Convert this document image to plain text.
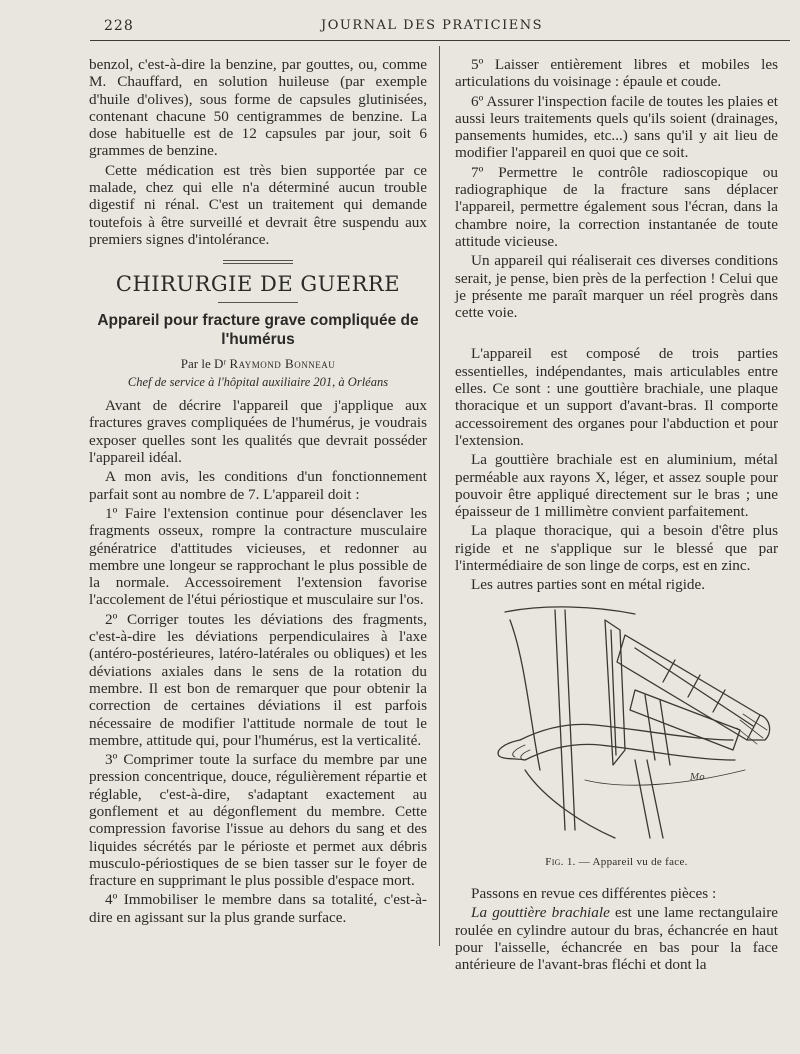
228	JOURNAL DES PRATICIENS

benzol, c'est-à-dire la benzine, par gouttes, ou, comme M. Chauffard, en solution huileuse (par exemple d'huile d'olives), sous forme de capsules glutinisées, contenant chacune 50 centigrammes de benzine. La dose habituelle est de 12 capsules par jour, soit 6 grammes de benzine.

Cette médication est très bien supportée par ce malade, chez qui elle n'a déterminé aucun trouble digestif ni rénal. C'est un traitement qui demande toutefois à être surveillé et devrait être suspendu aux premiers signes d'intolérance.

CHIRURGIE DE GUERRE
Appareil pour fracture grave compliquée de l'humérus
Par le Dʳ Raymond Bonneau
Chef de service à l'hôpital auxiliaire 201, à Orléans

Avant de décrire l'appareil que j'applique aux fractures graves compliquées de l'humérus, je voudrais exposer quelles sont les qualités que devrait posséder l'appareil idéal.

A mon avis, les conditions d'un fonctionnement parfait sont au nombre de 7. L'appareil doit :

1º Faire l'extension continue pour désenclaver les fragments osseux, rompre la contracture musculaire génératrice d'attitudes vicieuses, et redonner au membre une longeur se rapprochant le plus possible de la normale. Accessoirement l'extension favorise l'accolement de l'étui périostique et musculaire sur l'os.

2º Corriger toutes les déviations des fragments, c'est-à-dire les déviations perpendiculaires à l'axe (antéro-postérieures, latéro-latérales ou obliques) et les déviations axiales dans le sens de la rotation du membre. Il est bon de remarquer que pour obtenir la correction de certaines déviations il est parfois nécessaire de modifier l'attitude normale de tout le membre, attitude qui, pour l'humérus, est la verticalité.

3º Comprimer toute la surface du membre par une pression concentrique, douce, régulièrement répartie et réglable, c'est-à-dire, s'adaptant exactement au gonflement et au dégonflement du membre. Cette compression favorise l'issue au dehors du sang et des liquides sécrétés par le périoste et permet aux débris musculo-périostiques de se bien tasser sur le foyer de fracture en supprimant le plus possible d'espace mort.

4º Immobiliser le membre dans sa totalité, c'est-à-dire en agissant sur la plus grande surface.

5º Laisser entièrement libres et mobiles les articulations du voisinage : épaule et coude.

6º Assurer l'inspection facile de toutes les plaies et aussi leurs traitements quels qu'ils soient (drainages, pansements humides, etc...) sans qu'il y ait lieu de modifier l'appareil en quoi que ce soit.

7º Permettre le contrôle radioscopique ou radiographique de la fracture sans déplacer l'appareil, permettre également sous l'écran, dans la chambre noire, la correction instantanée de toute attitude vicieuse.

Un appareil qui réaliserait ces diverses conditions serait, je pense, bien près de la perfection ! Celui que je présente me paraît marquer un réel progrès dans cette voie.

L'appareil est composé de trois parties essentielles, indépendantes, mais articulables entre elles. Ce sont : une gouttière brachiale, une plaque thoracique et un support d'avant-bras. Il comporte accessoirement des organes pour l'abduction et pour l'extension.

La gouttière brachiale est en aluminium, métal perméable aux rayons X, léger, et assez souple pour pouvoir être appliqué directement sur le bras ; une épaisseur de 1 millimètre convient parfaitement.

La plaque thoracique, qui a besoin d'être plus rigide et ne s'applique sur le blessé que par l'intermédiaire de son linge de corps, est en zinc.

Les autres parties sont en métal rigide.

Mo
Fig. 1. — Appareil vu de face.

Passons en revue ces différentes pièces :

La gouttière brachiale est une lame rectangulaire roulée en cylindre autour du bras, échancrée en haut pour l'aisselle, échancrée en bas pour la face antérieure de l'avant-bras fléchi et dont la
